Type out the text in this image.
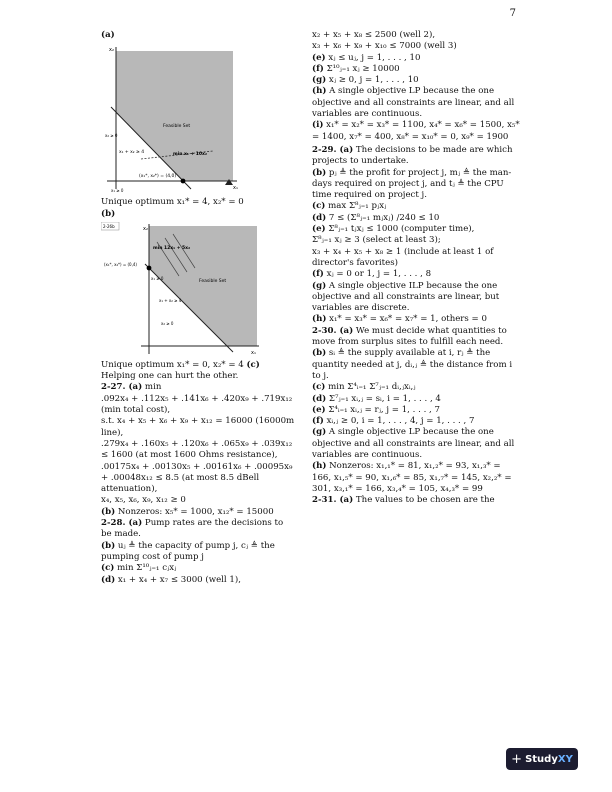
7

(a)

x₂
x₁
Feasible Set
x₂ ≥ 0
x₁ + x₂ ≥ 4
x₁ ≥ 0
min x₁ + 10x₂
(x₁*, x₂*) = (4,0)

Unique optimum x₁* = 4, x₂* = 0

(b)

2-26b	x₂
x₁
Feasible Set
min 12x₁ + 5x₂
(x₁*, x₂*) = (0,4)
x₁ ≥ 0
x₁ + x₂ ≥ 4
x₂ ≥ 0

Unique optimum x₁* = 0, x₂* = 4 (c) Helping one can hurt the other.

2-27. (a) min

.092x₄ + .112x₅ + .141x₆ + .420x₉ + .719x₁₂

(min total cost),

s.t. x₄ + x₅ + x₆ + x₉ + x₁₂ = 16000 (16000m line),

.279x₄ + .160x₅ + .120x₆ + .065x₉ + .039x₁₂ ≤ 1600 (at most 1600 Ohms resistance),

.00175x₄ + .00130x₅ + .00161x₆ + .00095x₉ + .00048x₁₂ ≤ 8.5 (at most 8.5 dBell attenuation),

x₄, x₅, x₆, x₉, x₁₂ ≥ 0

(b) Nonzeros: x₅* = 1000, x₁₂* = 15000

2-28. (a) Pump rates are the decisions to be made.

(b) uⱼ ≜ the capacity of pump j, cⱼ ≜ the pumping cost of pump j

(c) min Σ¹⁰ⱼ₌₁ cⱼxⱼ

(d) x₁ + x₄ + x₇ ≤ 3000 (well 1),

x₂ + x₅ + x₈ ≤ 2500 (well 2),

x₃ + x₆ + x₉ + x₁₀ ≤ 7000 (well 3)

(e) xⱼ ≤ uⱼ, j = 1, . . . , 10

(f) Σ¹⁰ⱼ₌₁ xⱼ ≥ 10000

(g) xⱼ ≥ 0, j = 1, . . . , 10

(h) A single objective LP because the one objective and all constraints are linear, and all variables are continuous.

(i) x₁* = x₂* = x₃* = 1100, x₄* = x₆* = 1500, x₅* = 1400, x₇* = 400, x₈* = x₁₀* = 0, x₉* = 1900

2-29. (a) The decisions to be made are which projects to undertake.

(b) pⱼ ≜ the profit for project j, mⱼ ≜ the man-days required on project j, and tⱼ ≜ the CPU time required on project j.

(c) max Σ⁸ⱼ₌₁ pⱼxⱼ

(d) 7 ≤ (Σ⁸ⱼ₌₁ mⱼxⱼ) /240 ≤ 10

(e) Σ⁸ⱼ₌₁ tⱼxⱼ ≤ 1000 (computer time),

Σ⁸ⱼ₌₁ xⱼ ≥ 3 (select at least 3);

x₃ + x₄ + x₅ + x₈ ≥ 1 (include at least 1 of director's favorites)

(f) xⱼ = 0 or 1, j = 1, . . . , 8

(g) A single objective ILP because the one objective and all constraints are linear, but variables are discrete.

(h) x₁* = x₃* = x₆* = x₇* = 1, others = 0

2-30. (a) We must decide what quantities to move from surplus sites to fulfill each need.

(b) sᵢ ≜ the supply available at i, rⱼ ≜ the quantity needed at j, dᵢ,ⱼ ≜ the distance from i to j.

(c) min Σ⁴ᵢ₌₁ Σ⁷ⱼ₌₁ dᵢ,ⱼxᵢ,ⱼ

(d) Σ⁷ⱼ₌₁ xᵢ,ⱼ = sᵢ, i = 1, . . . , 4

(e) Σ⁴ᵢ₌₁ xᵢ,ⱼ = rⱼ, j = 1, . . . , 7

(f) xᵢ,ⱼ ≥ 0, i = 1, . . . , 4, j = 1, . . . , 7

(g) A single objective LP because the one objective and all constraints are linear, and all variables are continuous.

(h) Nonzeros: x₁,₁* = 81, x₁,₂* = 93, x₁,₃* = 166, x₁,₅* = 90, x₁,₆* = 85, x₁,₇* = 145, x₂,₂* = 301, x₃,₁* = 166, x₃,₄* = 105, x₄,₃* = 99

2-31. (a) The values to be chosen are the

+ StudyXY
